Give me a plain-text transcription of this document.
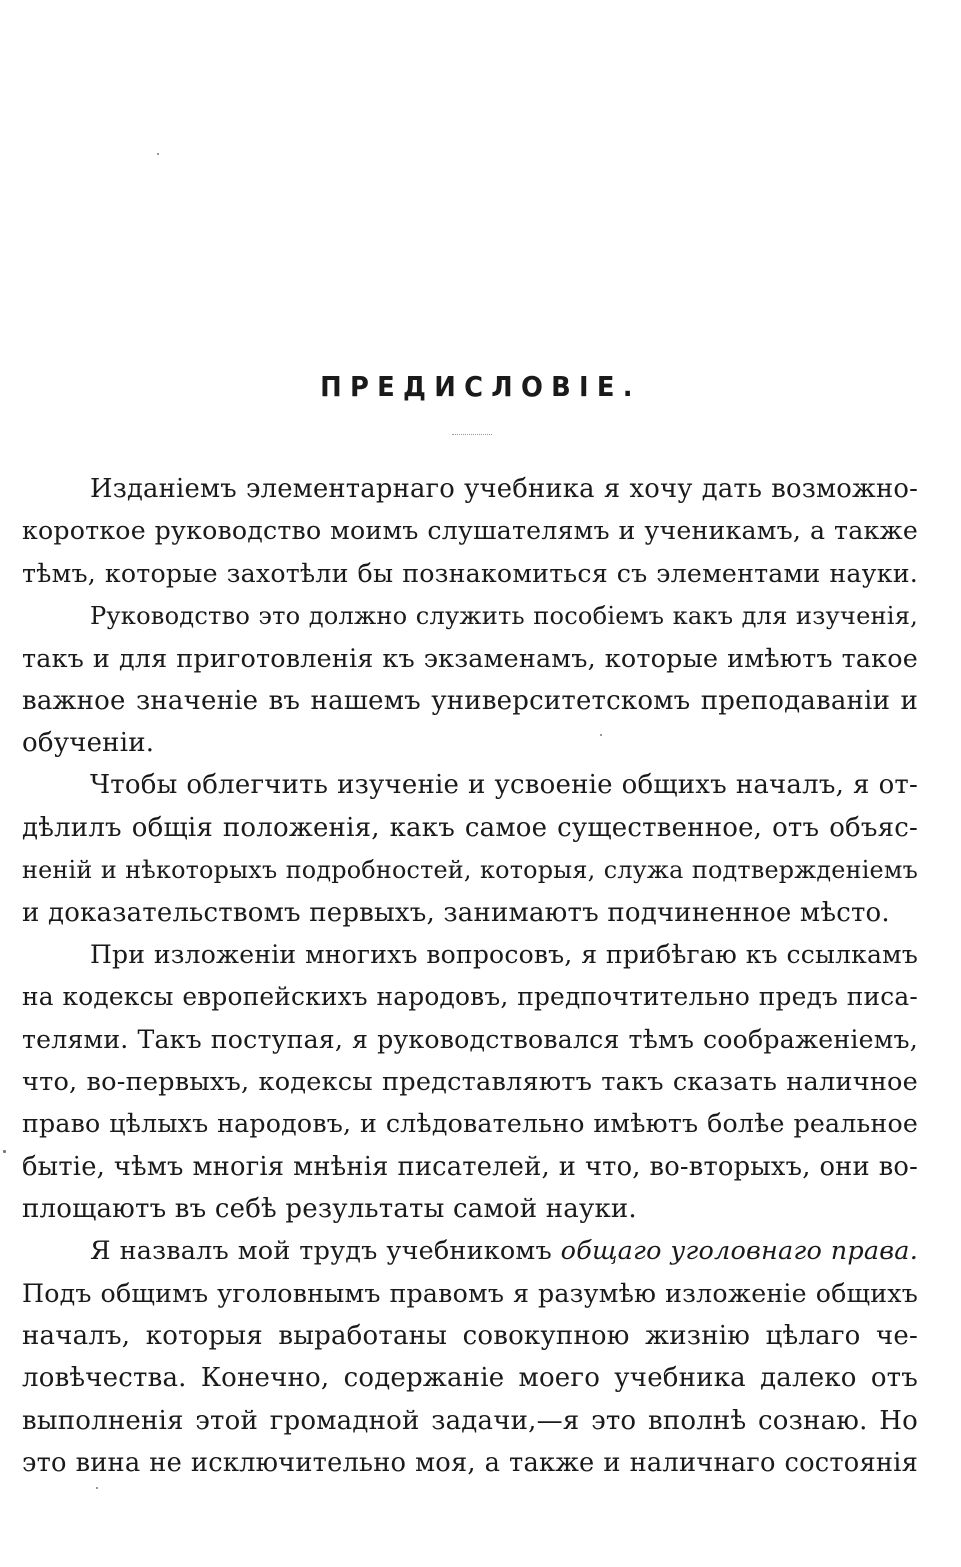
ПРЕДИСЛОВІЕ.
Изданіемъ элементарнаго учебника я хочу дать возможно-
короткое руководство моимъ слушателямъ и ученикамъ, а также
тѣмъ, которые захотѣли бы познакомиться съ элементами науки.
Руководство это должно служить пособіемъ какъ для изученія,
такъ и для приготовленія къ экзаменамъ, которые имѣютъ такое
важное значеніе въ нашемъ университетскомъ преподаваніи и
обученіи.
Чтобы облегчить изученіе и усвоеніе общихъ началъ, я от-
дѣлилъ общія положенія, какъ самое существенное, отъ объяс-
неній и нѣкоторыхъ подробностей, которыя, служа подтвержденіемъ
и доказательствомъ первыхъ, занимаютъ подчиненное мѣсто.
При изложеніи многихъ вопросовъ, я прибѣгаю къ ссылкамъ
на кодексы европейскихъ народовъ, предпочтительно предъ писа-
телями. Такъ поступая, я руководствовался тѣмъ соображеніемъ,
что, во-первыхъ, кодексы представляютъ такъ сказать наличное
право цѣлыхъ народовъ, и слѣдовательно имѣютъ болѣе реальное
бытіе, чѣмъ многія мнѣнія писателей, и что, во-вторыхъ, они во-
площаютъ въ себѣ результаты самой науки.
Я назвалъ мой трудъ учебникомъ общаго уголовнаго права.
Подъ общимъ уголовнымъ правомъ я разумѣю изложеніе общихъ
началъ, которыя выработаны совокупною жизнію цѣлаго че-
ловѣчества. Конечно, содержаніе моего учебника далеко отъ
выполненія этой громадной задачи,—я это вполнѣ сознаю. Но
это вина не исключительно моя, а также и наличнаго состоянія
